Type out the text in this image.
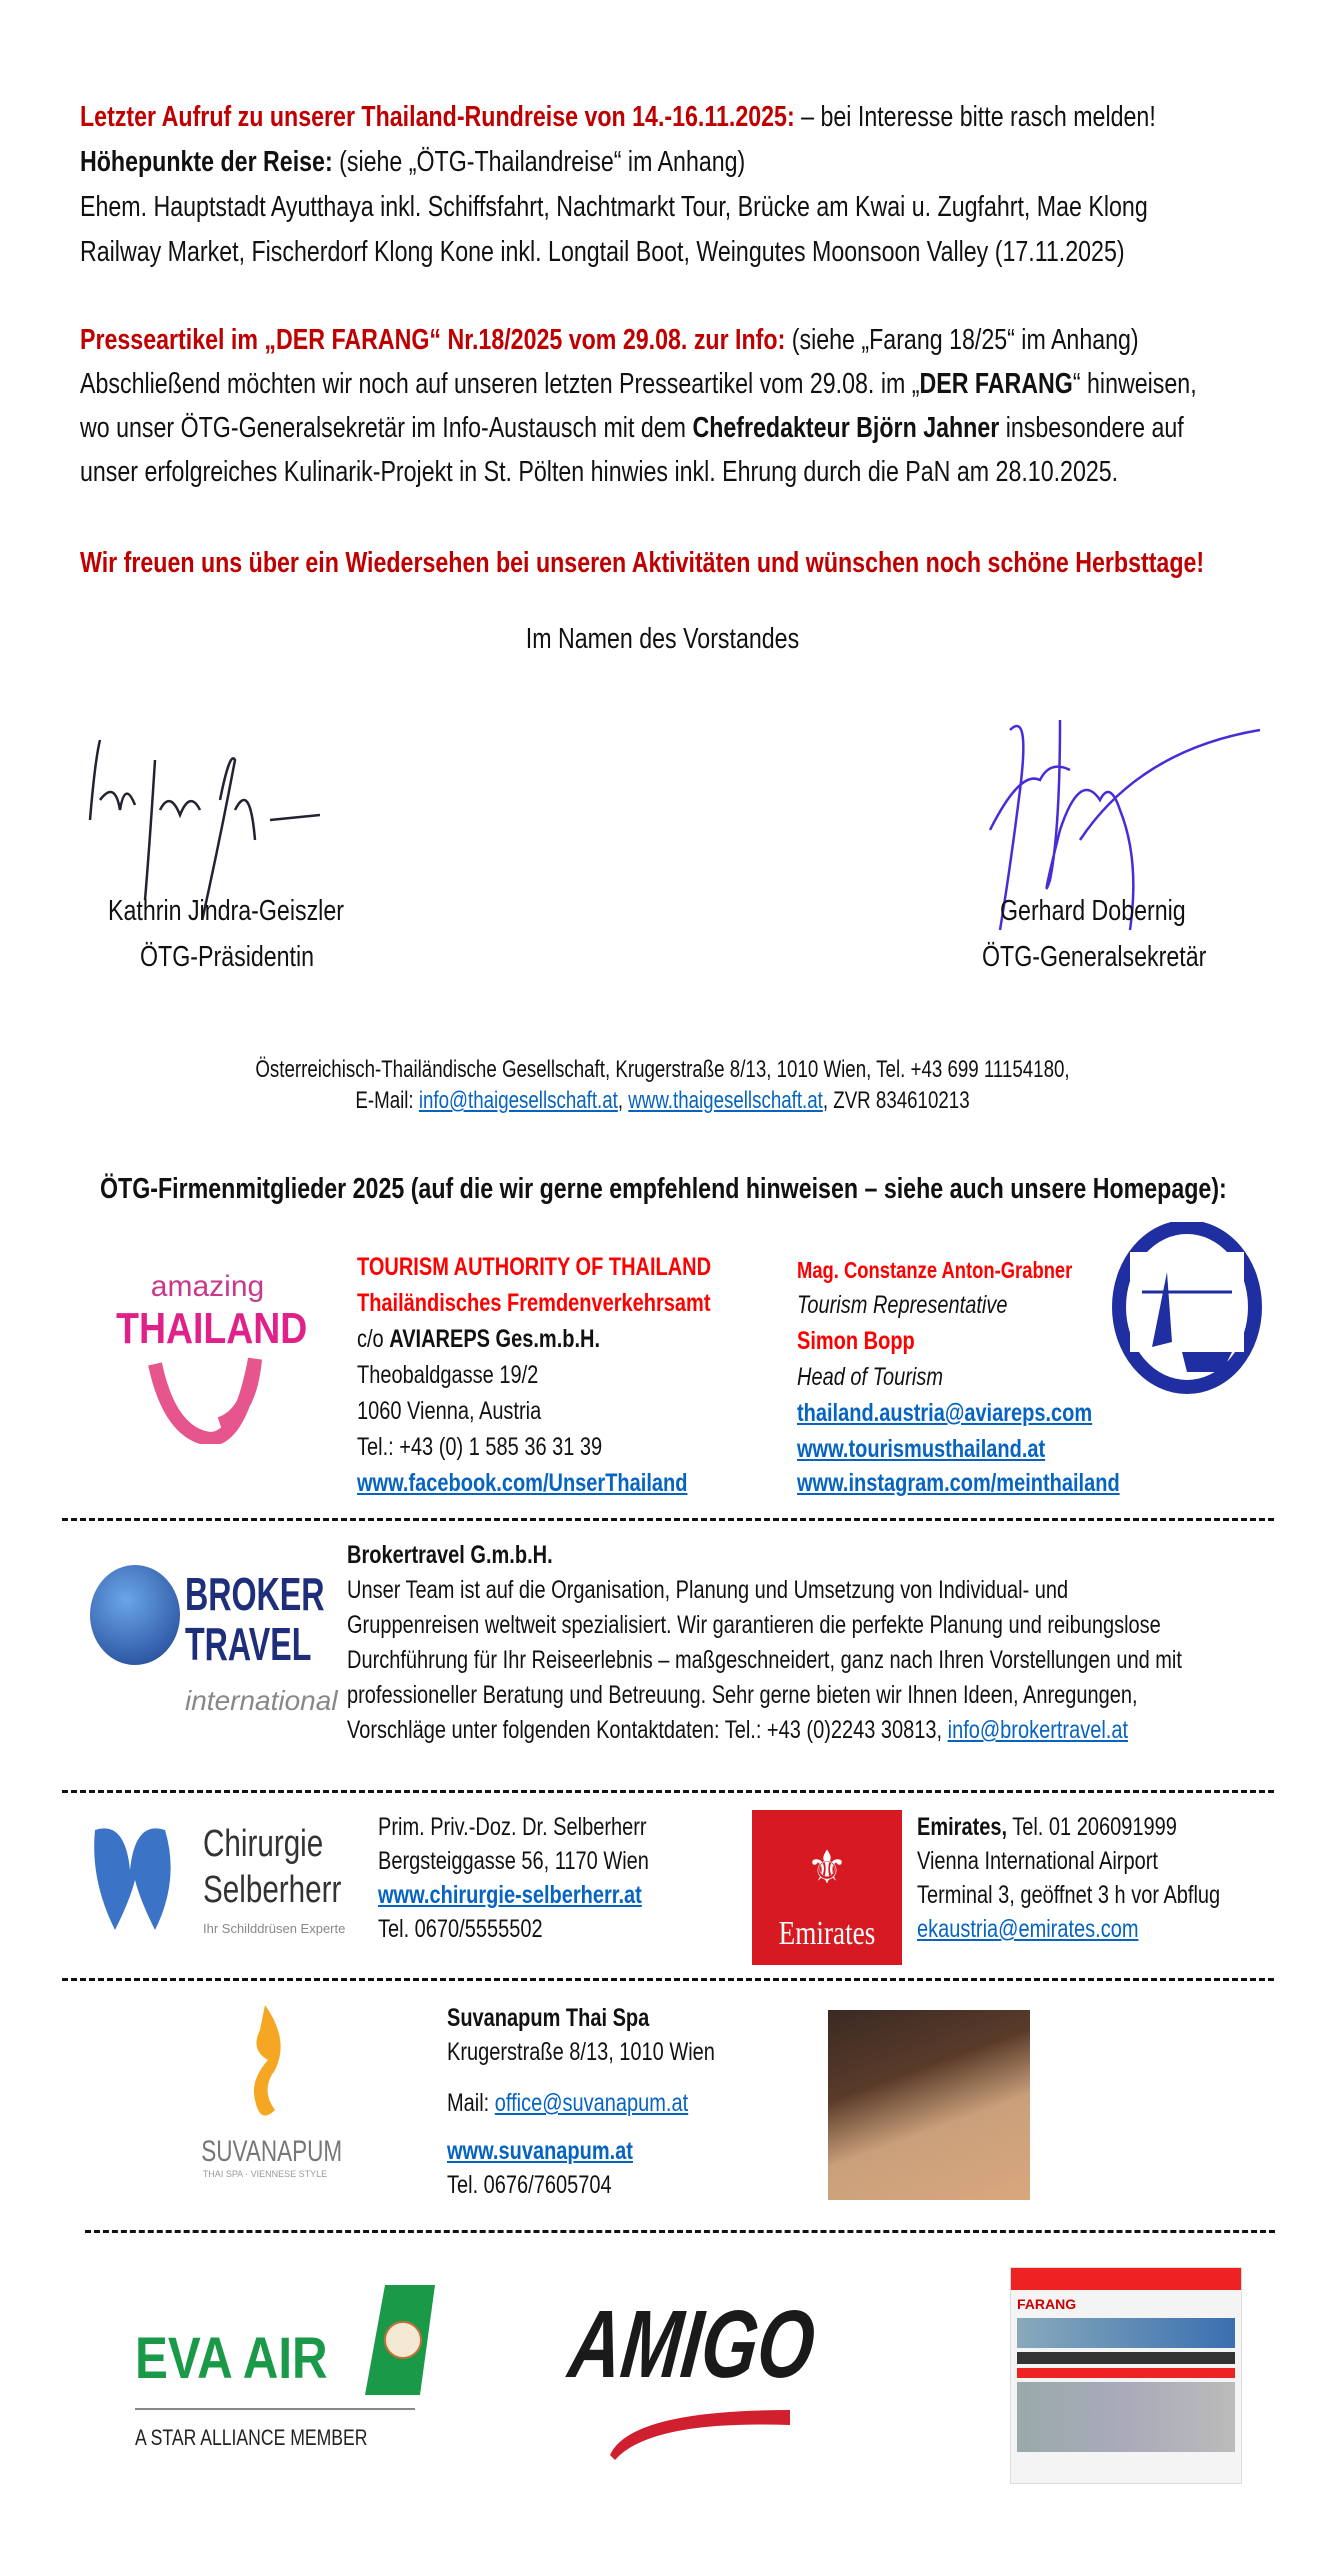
Letzter Aufruf zu unserer Thailand-Rundreise von 14.-16.11.2025: – bei Interesse bitte rasch melden!
Höhepunkte der Reise: (siehe „ÖTG-Thailandreise“ im Anhang)
Ehem. Hauptstadt Ayutthaya inkl. Schiffsfahrt, Nachtmarkt Tour, Brücke am Kwai u. Zugfahrt, Mae Klong
Railway Market, Fischerdorf Klong Kone inkl. Longtail Boot, Weingutes Moonsoon Valley (17.11.2025)
Presseartikel im „DER FARANG“ Nr.18/2025 vom 29.08. zur Info: (siehe „Farang 18/25“ im Anhang)
Abschließend möchten wir noch auf unseren letzten Presseartikel vom 29.08. im „DER FARANG“ hinweisen,
wo unser ÖTG-Generalsekretär im Info-Austausch mit dem Chefredakteur Björn Jahner insbesondere auf
unser erfolgreiches Kulinarik-Projekt in St. Pölten hinwies inkl. Ehrung durch die PaN am 28.10.2025.
Wir freuen uns über ein Wiedersehen bei unseren Aktivitäten und wünschen noch schöne Herbsttage!
Im Namen des Vorstandes
Kathrin Jindra-Geiszler
ÖTG-Präsidentin
Gerhard Dobernig
ÖTG-Generalsekretär
Österreichisch-Thailändische Gesellschaft, Krugerstraße 8/13, 1010 Wien, Tel. +43 699 11154180,
E-Mail: info@thaigesellschaft.at, www.thaigesellschaft.at, ZVR 834610213
ÖTG-Firmenmitglieder 2025 (auf die wir gerne empfehlend hinweisen – siehe auch unsere Homepage):
amazing
THAILAND
TOURISM AUTHORITY OF THAILAND
Thailändisches Fremdenverkehrsamt
c/o AVIAREPS Ges.m.b.H.
Theobaldgasse 19/2
1060 Vienna, Austria
Tel.: +43 (0) 1 585 36 31 39
www.facebook.com/UnserThailand
Mag. Constanze Anton-Grabner
Tourism Representative
Simon Bopp
Head of Tourism
thailand.austria@aviareps.com
www.tourismusthailand.at
www.instagram.com/meinthailand
BROKER
TRAVEL
international
Brokertravel G.m.b.H.
Unser Team ist auf die Organisation, Planung und Umsetzung von Individual- und
Gruppenreisen weltweit spezialisiert. Wir garantieren die perfekte Planung und reibungslose
Durchführung für Ihr Reiseerlebnis – maßgeschneidert, ganz nach Ihren Vorstellungen und mit
professioneller Beratung und Betreuung. Sehr gerne bieten wir Ihnen Ideen, Anregungen,
Vorschläge unter folgenden Kontaktdaten: Tel.: +43 (0)2243 30813, info@brokertravel.at
Chirurgie
Selberherr
Ihr Schilddrüsen Experte
Prim. Priv.-Doz. Dr. Selberherr
Bergsteiggasse 56, 1170 Wien
www.chirurgie-selberherr.at
Tel. 0670/5555502
⚜
Emirates
Emirates, Tel. 01 206091999
Vienna International Airport
Terminal 3, geöffnet 3 h vor Abflug
ekaustria@emirates.com
SUVANAPUM
THAI SPA · VIENNESE STYLE
Suvanapum Thai Spa
Krugerstraße 8/13, 1010 Wien
Mail: office@suvanapum.at
www.suvanapum.at
Tel. 0676/7605704
EVA AIR
A STAR ALLIANCE MEMBER
AMIGO	FARANG
